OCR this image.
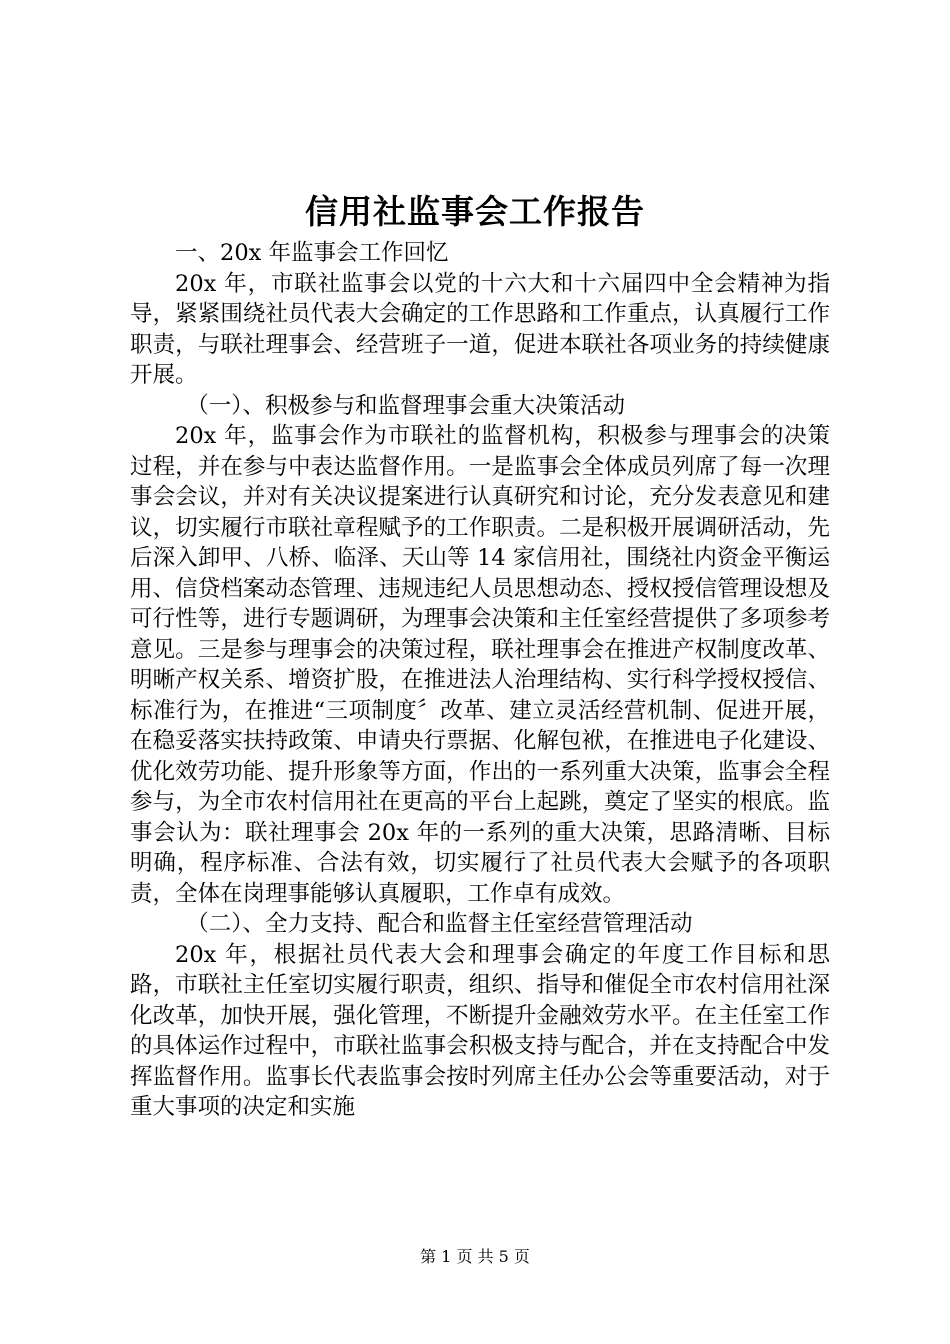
信用社监事会工作报告

一、20x 年监事会工作回忆

20x 年，市联社监事会以党的十六大和十六届四中全会精神为指导，紧紧围绕社员代表大会确定的工作思路和工作重点，认真履行工作职责，与联社理事会、经营班子一道，促进本联社各项业务的持续健康开展。

（一）、积极参与和监督理事会重大决策活动

20x 年，监事会作为市联社的监督机构，积极参与理事会的决策过程，并在参与中表达监督作用。一是监事会全体成员列席了每一次理事会会议，并对有关决议提案进行认真研究和讨论，充分发表意见和建议，切实履行市联社章程赋予的工作职责。二是积极开展调研活动，先后深入卸甲、八桥、临泽、天山等 14 家信用社，围绕社内资金平衡运用、信贷档案动态管理、违规违纪人员思想动态、授权授信管理设想及可行性等，进行专题调研，为理事会决策和主任室经营提供了多项参考意见。三是参与理事会的决策过程，联社理事会在推进产权制度改革、明晰产权关系、增资扩股，在推进法人治理结构、实行科学授权授信、标准行为，在推进“三项制度〞改革、建立灵活经营机制、促进开展，在稳妥落实扶持政策、申请央行票据、化解包袱，在推进电子化建设、优化效劳功能、提升形象等方面，作出的一系列重大决策，监事会全程参与，为全市农村信用社在更高的平台上起跳，奠定了坚实的根底。监事会认为：联社理事会 20x 年的一系列的重大决策，思路清晰、目标明确，程序标准、合法有效，切实履行了社员代表大会赋予的各项职责，全体在岗理事能够认真履职，工作卓有成效。

（二）、全力支持、配合和监督主任室经营管理活动

20x 年，根据社员代表大会和理事会确定的年度工作目标和思路，市联社主任室切实履行职责，组织、指导和催促全市农村信用社深化改革，加快开展，强化管理，不断提升金融效劳水平。在主任室工作的具体运作过程中，市联社监事会积极支持与配合，并在支持配合中发挥监督作用。监事长代表监事会按时列席主任办公会等重要活动，对于重大事项的决定和实施

第 1 页 共 5 页
